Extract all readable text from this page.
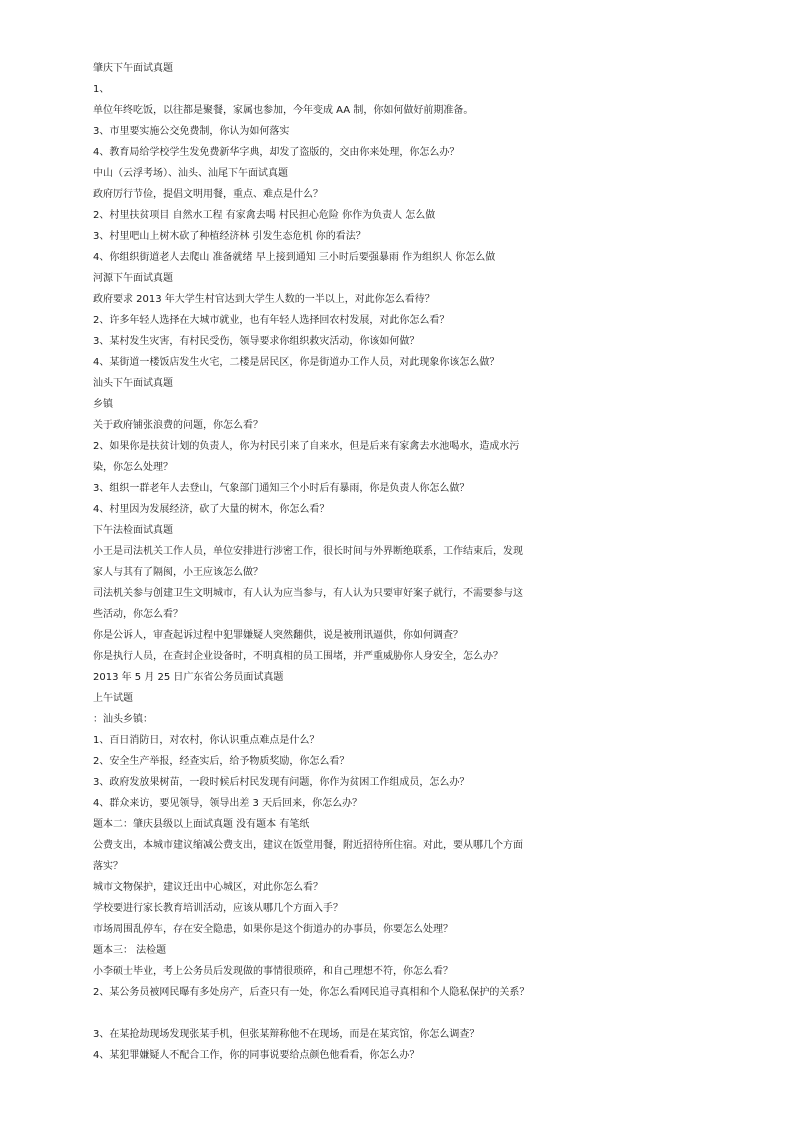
肇庆下午面试真题
1、
单位年终吃饭，以往都是聚餐，家属也参加，今年变成 AA 制，你如何做好前期准备。
3、市里要实施公交免费制，你认为如何落实
4、教育局给学校学生发免费新华字典，却发了盗版的，交由你来处理，你怎么办？
中山（云浮考场）、汕头、汕尾下午面试真题
政府厉行节俭，提倡文明用餐，重点、难点是什么？
2、村里扶贫项目 自然水工程 有家禽去喝 村民担心危险 你作为负责人 怎么做
3、村里吧山上树木砍了种植经济林 引发生态危机 你的看法？
4、你组织街道老人去爬山 准备就绪 早上接到通知 三小时后要强暴雨 作为组织人 你怎么做
河源下午面试真题
政府要求 2013 年大学生村官达到大学生人数的一半以上，对此你怎么看待？
2、许多年轻人选择在大城市就业，也有年轻人选择回农村发展，对此你怎么看？
3、某村发生灾害，有村民受伤，领导要求你组织救灾活动，你该如何做？
4、某街道一楼饭店发生火宅，二楼是居民区，你是街道办工作人员，对此现象你该怎么做？
汕头下午面试真题
乡镇
关于政府铺张浪费的问题，你怎么看？
2、如果你是扶贫计划的负责人，你为村民引来了自来水，但是后来有家禽去水池喝水，造成水污
染，你怎么处理？
3、组织一群老年人去登山，气象部门通知三个小时后有暴雨，你是负责人你怎么做？
4、村里因为发展经济，砍了大量的树木，你怎么看？
下午法检面试真题
小王是司法机关工作人员，单位安排进行涉密工作，很长时间与外界断绝联系，工作结束后，发现
家人与其有了隔阂，小王应该怎么做？
司法机关参与创建卫生文明城市，有人认为应当参与，有人认为只要审好案子就行，不需要参与这
些活动，你怎么看？
你是公诉人，审查起诉过程中犯罪嫌疑人突然翻供，说是被刑讯逼供，你如何调查？
你是执行人员，在查封企业设备时，不明真相的员工围堵，并严重威胁你人身安全，怎么办？
2013 年 5 月 25 日广东省公务员面试真题
上午试题
：汕头乡镇：
1、百日消防日，对农村，你认识重点难点是什么？
2、安全生产举报，经查实后，给予物质奖励，你怎么看？
3、政府发放果树苗，一段时候后村民发现有问题，你作为贫困工作组成员，怎么办？
4、群众来访，要见领导，领导出差 3 天后回来，你怎么办？
题本二：肇庆县级以上面试真题 没有题本 有笔纸
公费支出，本城市建议缩减公费支出，建议在饭堂用餐，附近招待所住宿。对此，要从哪几个方面
落实？
城市文物保护，建议迁出中心城区，对此你怎么看？
学校要进行家长教育培训活动，应该从哪几个方面入手？
市场周围乱停车，存在安全隐患，如果你是这个街道办的办事员，你要怎么处理？
题本三： 法检题
小李硕士毕业，考上公务员后发现做的事情很琐碎，和自己理想不符，你怎么看？
2、某公务员被网民曝有多处房产，后查只有一处，你怎么看网民追寻真相和个人隐私保护的关系？
3、在某抢劫现场发现张某手机，但张某辩称他不在现场，而是在某宾馆，你怎么调查？
4、某犯罪嫌疑人不配合工作，你的同事说要给点颜色他看看，你怎么办？
